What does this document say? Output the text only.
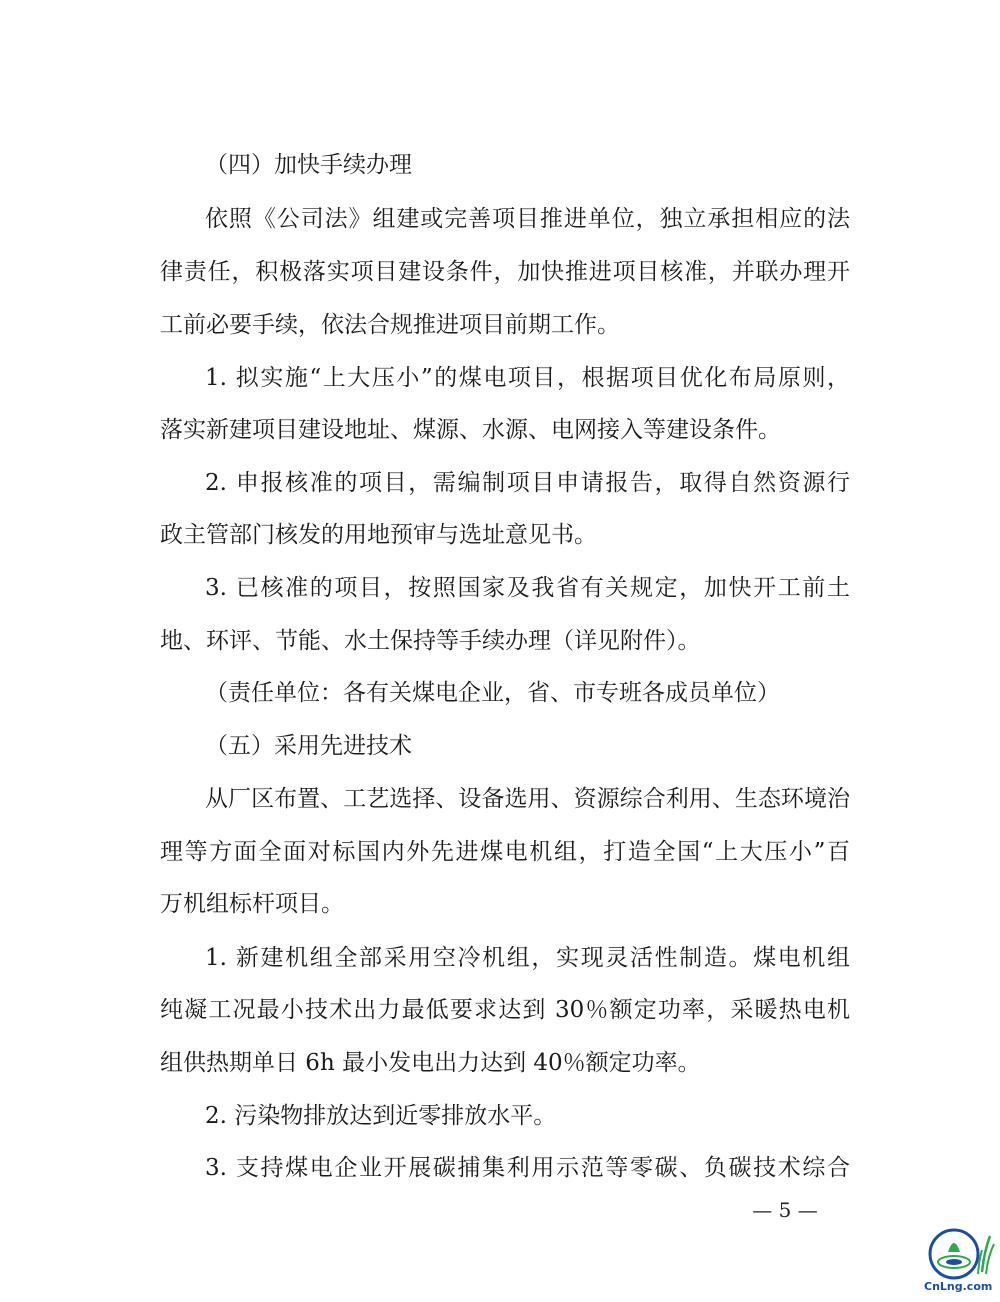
（四）加快手续办理
依照《公司法》组建或完善项目推进单位，独立承担相应的法
律责任，积极落实项目建设条件，加快推进项目核准，并联办理开
工前必要手续，依法合规推进项目前期工作。
1. 拟实施“上大压小”的煤电项目，根据项目优化布局原则，
落实新建项目建设地址、煤源、水源、电网接入等建设条件。
2. 申报核准的项目，需编制项目申请报告，取得自然资源行
政主管部门核发的用地预审与选址意见书。
3. 已核准的项目，按照国家及我省有关规定，加快开工前土
地、环评、节能、水土保持等手续办理（详见附件）。
（责任单位：各有关煤电企业，省、市专班各成员单位）
（五）采用先进技术
从厂区布置、工艺选择、设备选用、资源综合利用、生态环境治
理等方面全面对标国内外先进煤电机组，打造全国“上大压小”百
万机组标杆项目。
1. 新建机组全部采用空冷机组，实现灵活性制造。煤电机组
纯凝工况最小技术出力最低要求达到 30％额定功率，采暖热电机
组供热期单日 6h 最小发电出力达到 40％额定功率。
2. 污染物排放达到近零排放水平。
3. 支持煤电企业开展碳捕集利用示范等零碳、负碳技术综合
— 5 —
CnLng.com
